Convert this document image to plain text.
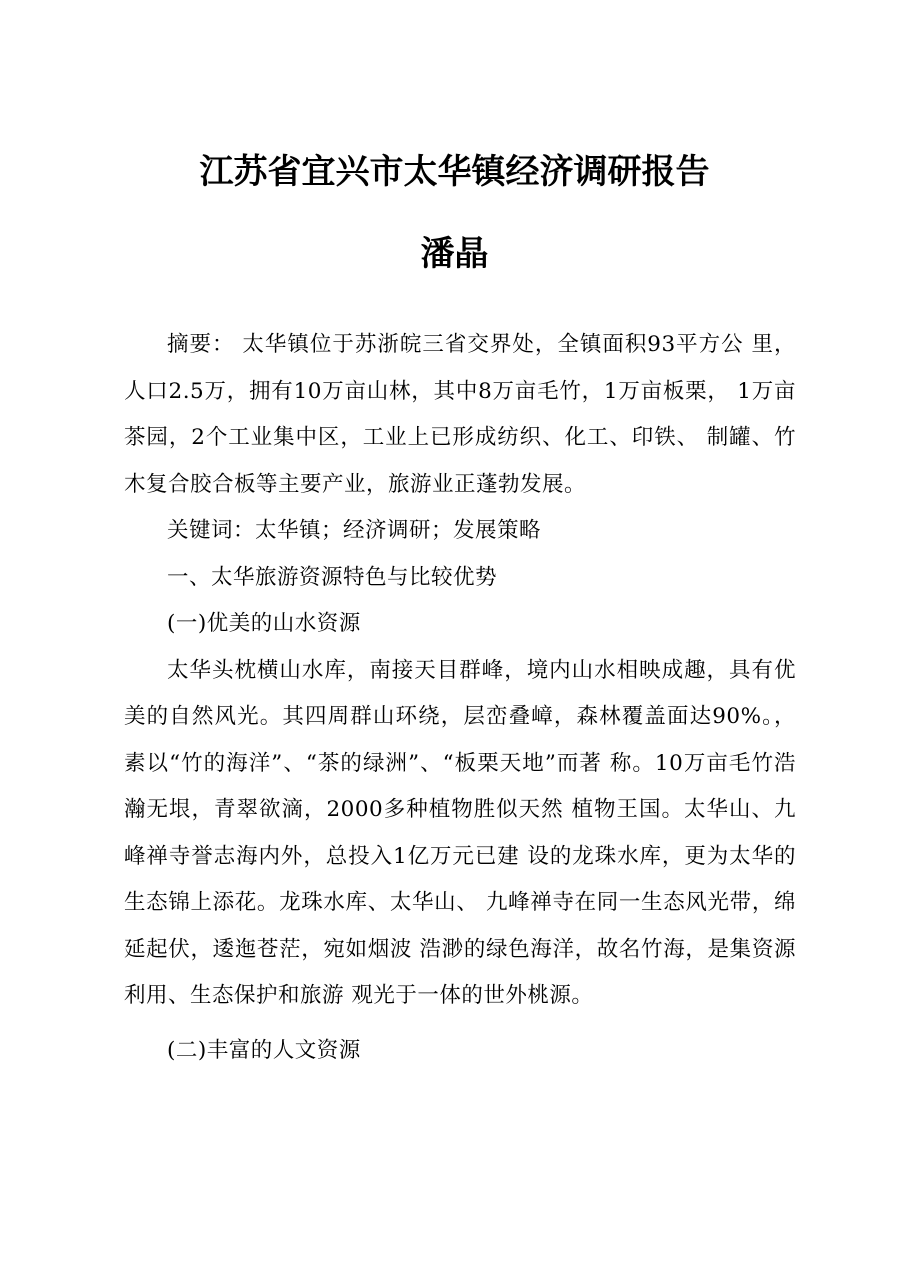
江苏省宜兴市太华镇经济调研报告
潘晶

摘要： 太华镇位于苏浙皖三省交界处，全镇面积93平方公 里，人口2.5万，拥有10万亩山林，其中8万亩毛竹，1万亩板栗， 1万亩茶园，2个工业集中区，工业上已形成纺织、化工、印铁、 制罐、竹木复合胶合板等主要产业，旅游业正蓬勃发展。

关键词：太华镇；经济调研；发展策略

一、太华旅游资源特色与比较优势

(一)优美的山水资源

太华头枕横山水库，南接天目群峰，境内山水相映成趣，具有优美的自然风光。其四周群山环绕，层峦叠嶂，森林覆盖面达90%。，素以“竹的海洋”、“茶的绿洲”、“板栗天地”而著 称。10万亩毛竹浩瀚无垠，青翠欲滴，2000多种植物胜似天然 植物王国。太华山、九峰禅寺誉志海内外，总投入1亿万元已建 设的龙珠水库，更为太华的生态锦上添花。龙珠水库、太华山、 九峰禅寺在同一生态风光带，绵延起伏，逶迤苍茫，宛如烟波 浩渺的绿色海洋，故名竹海，是集资源利用、生态保护和旅游 观光于一体的世外桃源。

(二)丰富的人文资源
